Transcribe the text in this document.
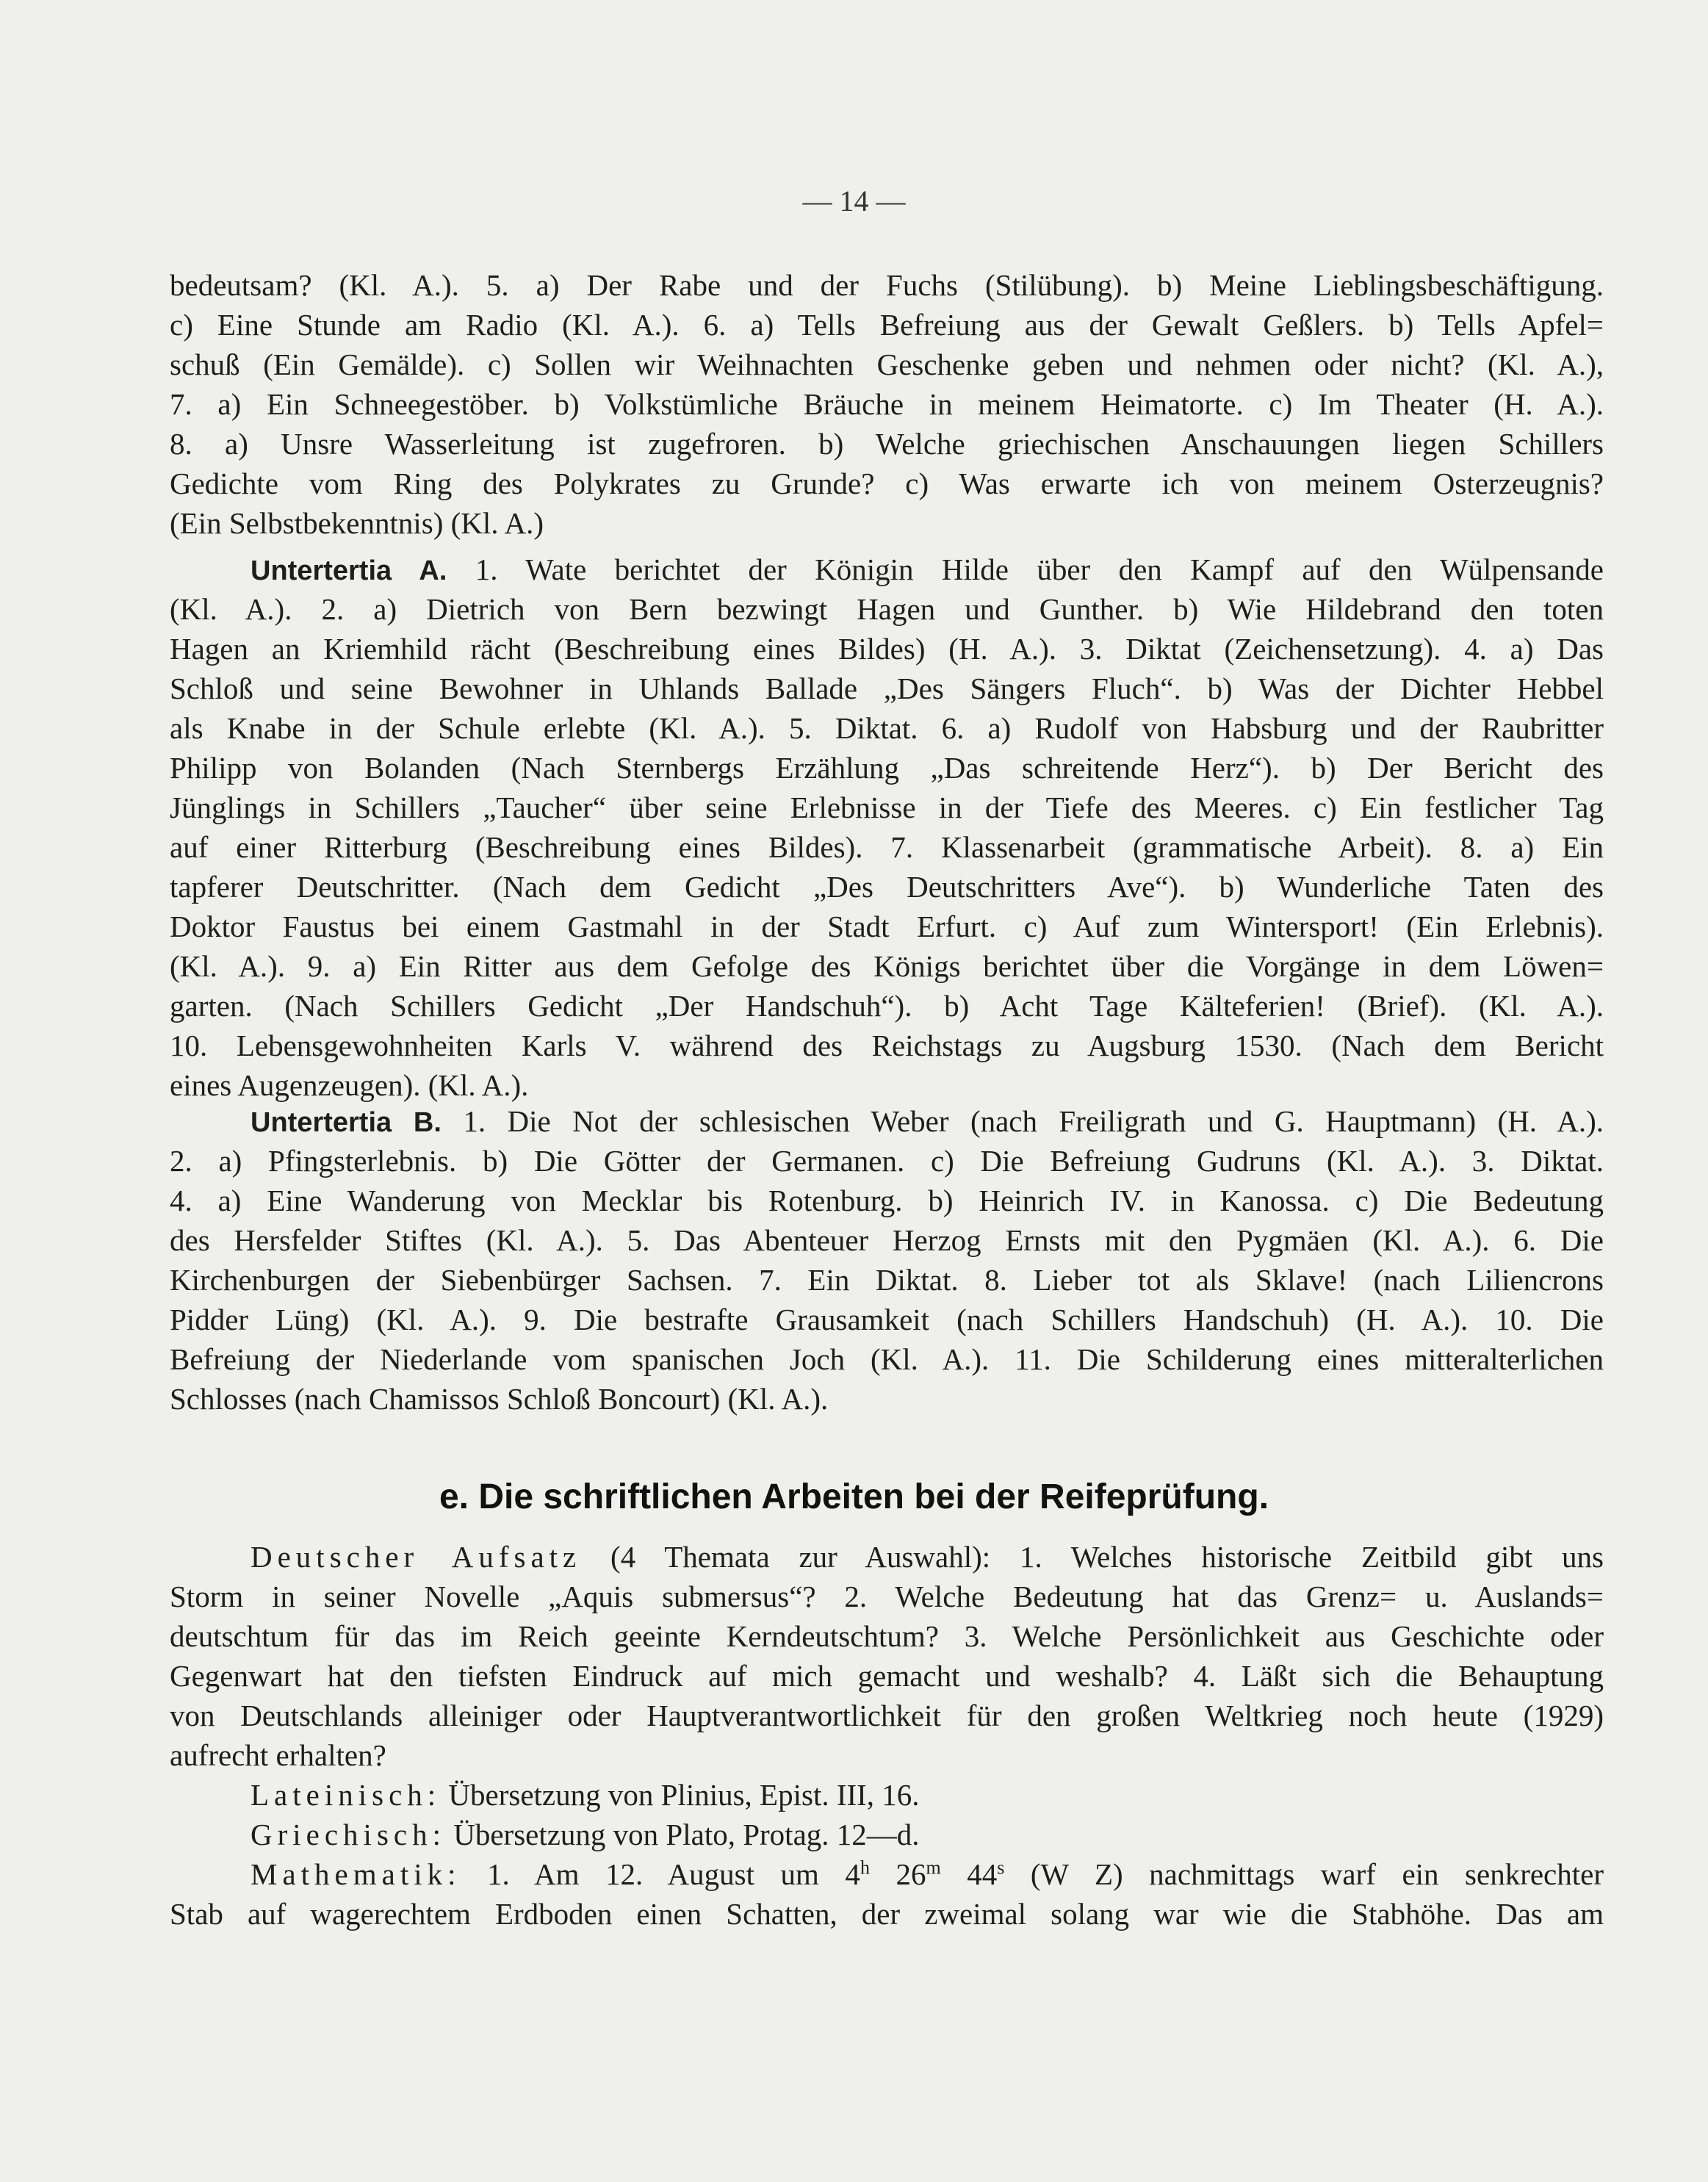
— 14 —
bedeutsam? (Kl. A.). 5. a) Der Rabe und der Fuchs (Stilübung). b) Meine Lieblingsbeschäftigung.
c) Eine Stunde am Radio (Kl. A.). 6. a) Tells Befreiung aus der Gewalt Geßlers. b) Tells Apfel=
schuß (Ein Gemälde). c) Sollen wir Weihnachten Geschenke geben und nehmen oder nicht? (Kl. A.),
7. a) Ein Schneegestöber. b) Volkstümliche Bräuche in meinem Heimatorte. c) Im Theater (H. A.).
8. a) Unsre Wasserleitung ist zugefroren. b) Welche griechischen Anschauungen liegen Schillers
Gedichte vom Ring des Polykrates zu Grunde? c) Was erwarte ich von meinem Osterzeugnis?
(Ein Selbstbekenntnis) (Kl. A.)
Untertertia A. 1. Wate berichtet der Königin Hilde über den Kampf auf den Wülpensande
(Kl. A.). 2. a) Dietrich von Bern bezwingt Hagen und Gunther. b) Wie Hildebrand den toten
Hagen an Kriemhild rächt (Beschreibung eines Bildes) (H. A.). 3. Diktat (Zeichensetzung). 4. a) Das
Schloß und seine Bewohner in Uhlands Ballade „Des Sängers Fluch“. b) Was der Dichter Hebbel
als Knabe in der Schule erlebte (Kl. A.). 5. Diktat. 6. a) Rudolf von Habsburg und der Raubritter
Philipp von Bolanden (Nach Sternbergs Erzählung „Das schreitende Herz“). b) Der Bericht des
Jünglings in Schillers „Taucher“ über seine Erlebnisse in der Tiefe des Meeres. c) Ein festlicher Tag
auf einer Ritterburg (Beschreibung eines Bildes). 7. Klassenarbeit (grammatische Arbeit). 8. a) Ein
tapferer Deutschritter. (Nach dem Gedicht „Des Deutschritters Ave“). b) Wunderliche Taten des
Doktor Faustus bei einem Gastmahl in der Stadt Erfurt. c) Auf zum Wintersport! (Ein Erlebnis).
(Kl. A.). 9. a) Ein Ritter aus dem Gefolge des Königs berichtet über die Vorgänge in dem Löwen=
garten. (Nach Schillers Gedicht „Der Handschuh“). b) Acht Tage Kälteferien! (Brief). (Kl. A.).
10. Lebensgewohnheiten Karls V. während des Reichstags zu Augsburg 1530. (Nach dem Bericht
eines Augenzeugen). (Kl. A.).
Untertertia B. 1. Die Not der schlesischen Weber (nach Freiligrath und G. Hauptmann) (H. A.).
2. a) Pfingsterlebnis. b) Die Götter der Germanen. c) Die Befreiung Gudruns (Kl. A.). 3. Diktat.
4. a) Eine Wanderung von Mecklar bis Rotenburg. b) Heinrich IV. in Kanossa. c) Die Bedeutung
des Hersfelder Stiftes (Kl. A.). 5. Das Abenteuer Herzog Ernsts mit den Pygmäen (Kl. A.). 6. Die
Kirchenburgen der Siebenbürger Sachsen. 7. Ein Diktat. 8. Lieber tot als Sklave! (nach Liliencrons
Pidder Lüng) (Kl. A.). 9. Die bestrafte Grausamkeit (nach Schillers Handschuh) (H. A.). 10. Die
Befreiung der Niederlande vom spanischen Joch (Kl. A.). 11. Die Schilderung eines mitteralterlichen
Schlosses (nach Chamissos Schloß Boncourt) (Kl. A.).
e. Die schriftlichen Arbeiten bei der Reifeprüfung.
Deutscher Aufsatz (4 Themata zur Auswahl): 1. Welches historische Zeitbild gibt uns
Storm in seiner Novelle „Aquis submersus“? 2. Welche Bedeutung hat das Grenz= u. Auslands=
deutschtum für das im Reich geeinte Kerndeutschtum? 3. Welche Persönlichkeit aus Geschichte oder
Gegenwart hat den tiefsten Eindruck auf mich gemacht und weshalb? 4. Läßt sich die Behauptung
von Deutschlands alleiniger oder Hauptverantwortlichkeit für den großen Weltkrieg noch heute (1929)
aufrecht erhalten?
Lateinisch: Übersetzung von Plinius, Epist. III, 16.
Griechisch: Übersetzung von Plato, Protag. 12—d.
Mathematik: 1. Am 12. August um 4$^h$ 26$^m$ 44$^s$ (W Z) nachmittags warf ein senkrechter
Stab auf wagerechtem Erdboden einen Schatten, der zweimal solang war wie die Stabhöhe. Das am
